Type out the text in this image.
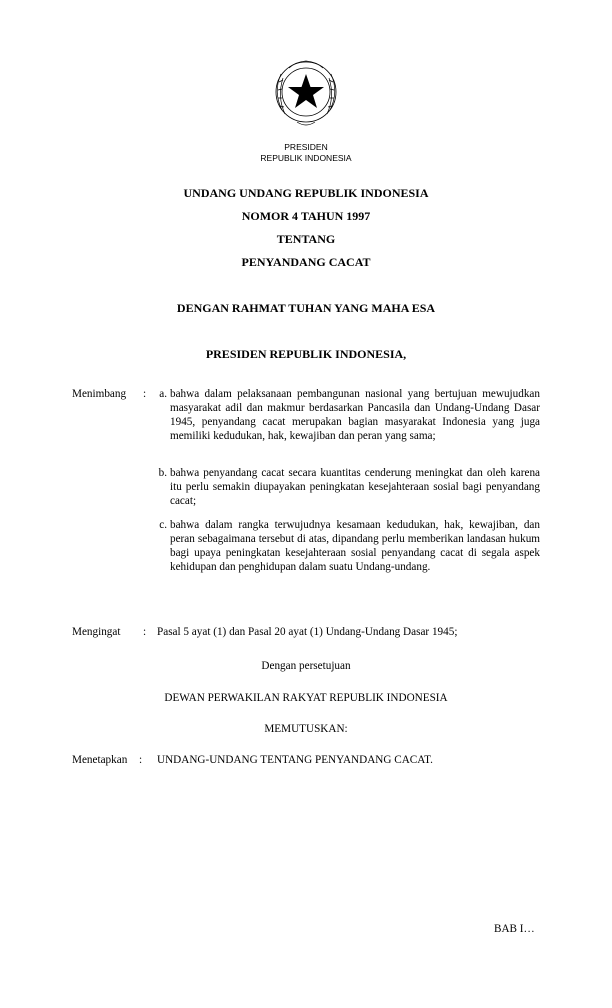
PRESIDEN
REPUBLIK INDONESIA
UNDANG UNDANG REPUBLIK INDONESIA
NOMOR 4 TAHUN 1997
TENTANG
PENYANDANG CACAT
DENGAN RAHMAT TUHAN YANG MAHA ESA
PRESIDEN REPUBLIK INDONESIA,
Menimbang :	a. bahwa dalam pelaksanaan pembangunan nasional yang bertujuan mewujudkan masyarakat adil dan makmur berdasarkan Pancasila dan Undang-Undang Dasar 1945, penyandang cacat merupakan bagian masyarakat Indonesia yang juga memiliki kedudukan, hak, kewajiban dan peran yang sama;
b. bahwa penyandang cacat secara kuantitas cenderung meningkat dan oleh karena itu perlu semakin diupayakan peningkatan kesejahteraan sosial bagi penyandang cacat;
c. bahwa dalam rangka terwujudnya kesamaan kedudukan, hak, kewajiban, dan peran sebagaimana tersebut di atas, dipandang perlu memberikan landasan hukum bagi upaya peningkatan kesejahteraan sosial penyandang cacat di segala aspek kehidupan dan penghidupan dalam suatu Undang-undang.
Mengingat : Pasal 5 ayat (1) dan Pasal 20 ayat (1) Undang-Undang Dasar 1945;
Dengan persetujuan
DEWAN PERWAKILAN RAKYAT REPUBLIK INDONESIA
MEMUTUSKAN:
Menetapkan : UNDANG-UNDANG TENTANG PENYANDANG CACAT.
BAB I…
